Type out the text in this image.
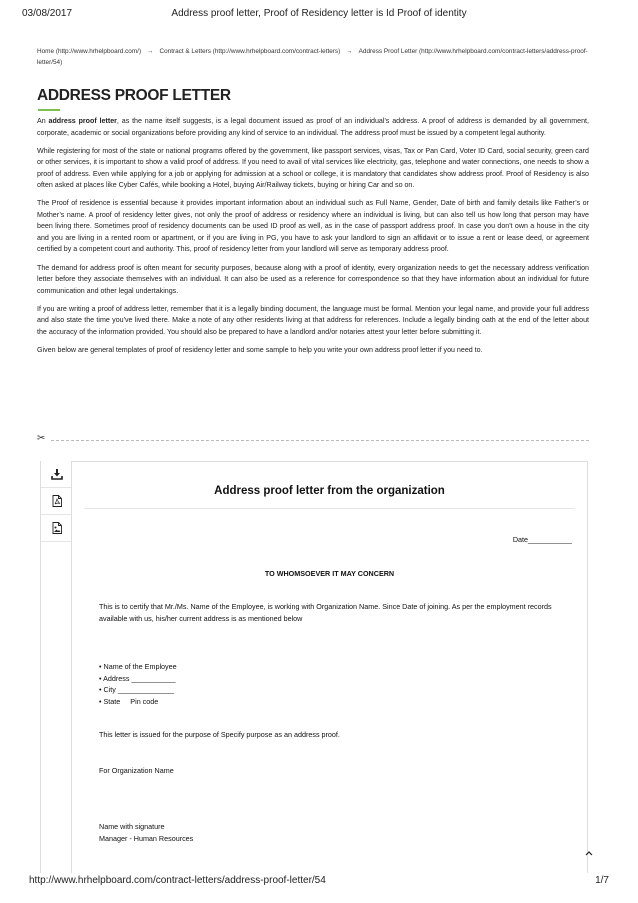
03/08/2017	Address proof letter, Proof of Residency letter is Id Proof of identity
Home (http://www.hrhelpboard.com/) → Contract & Letters (http://www.hrhelpboard.com/contract-letters) → Address Proof Letter (http://www.hrhelpboard.com/contract-letters/address-proof-letter/54)
ADDRESS PROOF LETTER

An address proof letter, as the name itself suggests, is a legal document issued as proof of an individual's address. A proof of address is demanded by all government, corporate, academic or social organizations before providing any kind of service to an individual. The address proof must be issued by a competent legal authority.

While registering for most of the state or national programs offered by the government, like passport services, visas, Tax or Pan Card, Voter ID Card, social security, green card or other services, it is important to show a valid proof of address. If you need to avail of vital services like electricity, gas, telephone and water connections, one needs to show a proof of address. Even while applying for a job or applying for admission at a school or college, it is mandatory that candidates show address proof. Proof of Residency is also often asked at places like Cyber Cafés, while booking a Hotel, buying Air/Railway tickets, buying or hiring Car and so on.

The Proof of residence is essential because it provides important information about an individual such as Full Name, Gender, Date of birth and family details like Father’s or Mother’s name. A proof of residency letter gives, not only the proof of address or residency where an individual is living, but can also tell us how long that person may have been living there. Sometimes proof of residency documents can be used ID proof as well, as in the case of passport address proof. In case you don't own a house in the city and you are living in a rented room or apartment, or if you are living in PG, you have to ask your landlord to sign an affidavit or to issue a rent or lease deed, or agreement certified by a competent court and authority. This, proof of residency letter from your landlord will serve as temporary address proof.

The demand for address proof is often meant for security purposes, because along with a proof of identity, every organization needs to get the necessary address verification letter before they associate themselves with an individual. It can also be used as a reference for correspondence so that they have information about an individual for future communication and other legal undertakings.

If you are writing a proof of address letter, remember that it is a legally binding document, the language must be formal. Mention your legal name, and provide your full address and also state the time you've lived there. Make a note of any other residents living at that address for references. Include a legally binding oath at the end of the letter about the accuracy of the information provided. You should also be prepared to have a landlord and/or notaries attest your letter before submitting it.

Given below are general templates of proof of residency letter and some sample to help you write your own address proof letter if you need to.

✂
Address proof letter from the organization
Date___________
TO WHOMSOEVER IT MAY CONCERN
This is to certify that Mr./Ms. Name of the Employee, is working with Organization Name. Since Date of joining. As per the employment records available with us, his/her current address is as mentioned below
• Name of the Employee
• Address ___________
• City ______________
• State Pin code
This letter is issued for the purpose of Specify purpose as an address proof.
For Organization Name
Name with signature
Manager - Human Resources
http://www.hrhelpboard.com/contract-letters/address-proof-letter/54	1/7
